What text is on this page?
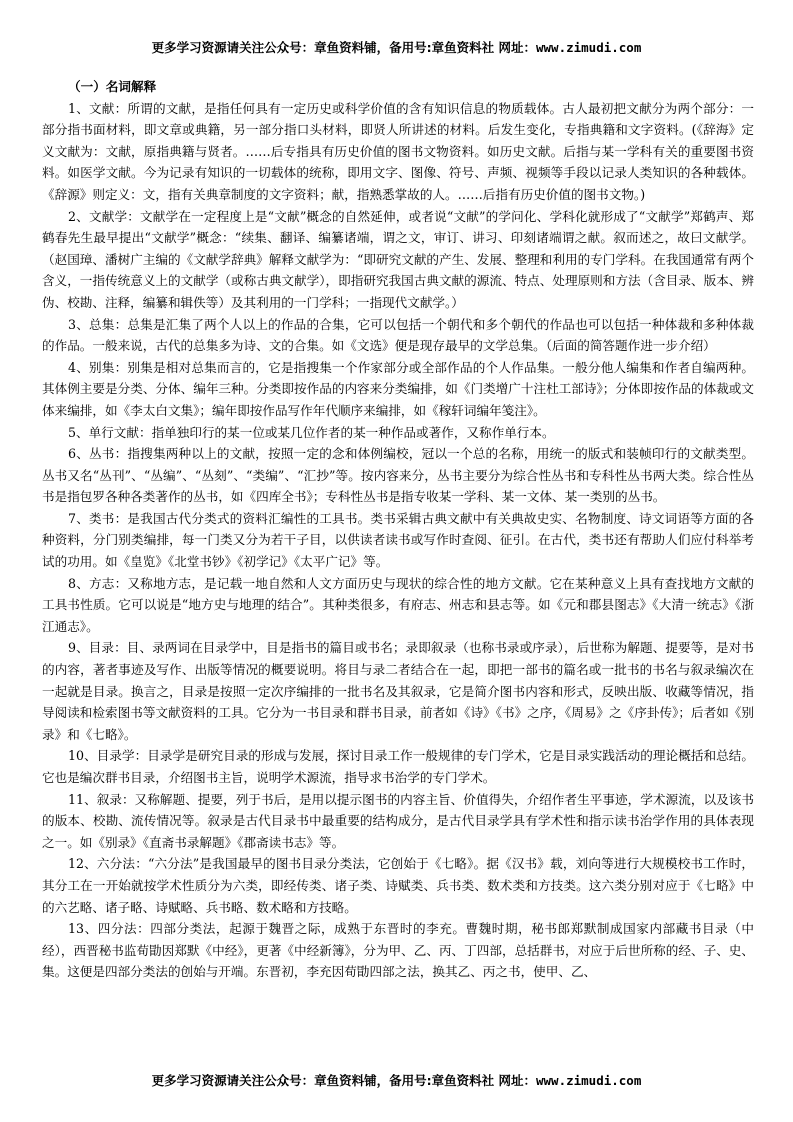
更多学习资源请关注公众号：章鱼资料铺，备用号:章鱼资料社 网址：www.zimudi.com

（一）名词解释

1、文献：所谓的文献，是指任何具有一定历史或科学价值的含有知识信息的物质载体。古人最初把文献分为两个部分：一部分指书面材料，即文章或典籍，另一部分指口头材料，即贤人所讲述的材料。后发生变化，专指典籍和文字资料。(《辞海》定义文献为：文献，原指典籍与贤者。……后专指具有历史价值的图书文物资料。如历史文献。后指与某一学科有关的重要图书资料。如医学文献。今为记录有知识的一切载体的统称，即用文字、图像、符号、声频、视频等手段以记录人类知识的各种载体。《辞源》则定义：文，指有关典章制度的文字资料；献，指熟悉掌故的人。……后指有历史价值的图书文物。)

2、文献学：文献学在一定程度上是“文献”概念的自然延伸，或者说“文献”的学问化、学科化就形成了“文献学”郑鹤声、郑鹤春先生最早提出“文献学”概念：“续集、翻译、编纂诸端，谓之文，审订、讲习、印刻诸端谓之献。叙而述之，故曰文献学。（赵国璋、潘树广主编的《文献学辞典》解释文献学为：“即研究文献的产生、发展、整理和利用的专门学科。在我国通常有两个含义，一指传统意义上的文献学（或称古典文献学），即指研究我国古典文献的源流、特点、处理原则和方法（含目录、版本、辨伪、校勘、注释，编纂和辑佚等）及其利用的一门学科；一指现代文献学。）

3、总集：总集是汇集了两个人以上的作品的合集，它可以包括一个朝代和多个朝代的作品也可以包括一种体裁和多种体裁的作品。一般来说，古代的总集多为诗、文的合集。如《文选》便是现存最早的文学总集。（后面的简答题作进一步介绍）

4、别集：别集是相对总集而言的，它是指搜集一个作家部分或全部作品的个人作品集。一般分他人编集和作者自编两种。其体例主要是分类、分体、编年三种。分类即按作品的内容来分类编排，如《门类增广十注杜工部诗》；分体即按作品的体裁或文体来编排，如《李太白文集》；编年即按作品写作年代顺序来编排，如《稼轩词编年笺注》。

5、单行文献：指单独印行的某一位或某几位作者的某一种作品或著作，又称作单行本。

6、丛书：指搜集两种以上的文献，按照一定的念和体例编校，冠以一个总的名称，用统一的版式和装帧印行的文献类型。丛书又名“丛刊”、“丛编”、“丛刻”、“类编”、“汇抄”等。按内容来分，丛书主要分为综合性丛书和专科性丛书两大类。综合性丛书是指包罗各种各类著作的丛书，如《四库全书》；专科性丛书是指专收某一学科、某一文体、某一类别的丛书。

7、类书：是我国古代分类式的资料汇编性的工具书。类书采辑古典文献中有关典故史实、名物制度、诗文词语等方面的各种资料，分门别类编排，每一门类又分为若干子目，以供读者读书或写作时查阅、征引。在古代，类书还有帮助人们应付科举考试的功用。如《皇览》《北堂书钞》《初学记》《太平广记》等。

8、方志：又称地方志，是记载一地自然和人文方面历史与现状的综合性的地方文献。它在某种意义上具有查找地方文献的工具书性质。它可以说是“地方史与地理的结合”。其种类很多，有府志、州志和县志等。如《元和郡县图志》《大清一统志》《浙江通志》。

9、目录：目、录两词在目录学中，目是指书的篇目或书名；录即叙录（也称书录或序录），后世称为解题、提要等，是对书的内容，著者事迹及写作、出版等情况的概要说明。将目与录二者结合在一起，即把一部书的篇名或一批书的书名与叙录编次在一起就是目录。换言之，目录是按照一定次序编排的一批书名及其叙录，它是简介图书内容和形式，反映出版、收藏等情况，指导阅读和检索图书等文献资料的工具。它分为一书目录和群书目录，前者如《诗》《书》之序，《周易》之《序卦传》；后者如《别录》和《七略》。

10、目录学：目录学是研究目录的形成与发展，探讨目录工作一般规律的专门学术，它是目录实践活动的理论概括和总结。它也是编次群书目录，介绍图书主旨，说明学术源流，指导求书治学的专门学术。

11、叙录：又称解题、提要，列于书后，是用以提示图书的内容主旨、价值得失，介绍作者生平事迹，学术源流，以及该书的版本、校勘、流传情况等。叙录是古代目录书中最重要的结构成分，是古代目录学具有学术性和指示读书治学作用的具体表现之一。如《别录》《直斋书录解题》《郡斋读书志》等。

12、六分法：“六分法”是我国最早的图书目录分类法，它创始于《七略》。据《汉书》载，刘向等进行大规模校书工作时，其分工在一开始就按学术性质分为六类，即经传类、诸子类、诗赋类、兵书类、数术类和方技类。这六类分别对应于《七略》中的六艺略、诸子略、诗赋略、兵书略、数术略和方技略。

13、四分法：四部分类法，起源于魏晋之际，成熟于东晋时的李充。曹魏时期，秘书郎郑默制成国家内部藏书目录（中经），西晋秘书监荀勖因郑默《中经》，更著《中经新簿》，分为甲、乙、丙、丁四部，总括群书，对应于后世所称的经、子、史、集。这便是四部分类法的创始与开端。东晋初，李充因荀勖四部之法，换其乙、丙之书，使甲、乙、

更多学习资源请关注公众号：章鱼资料铺，备用号:章鱼资料社 网址：www.zimudi.com
